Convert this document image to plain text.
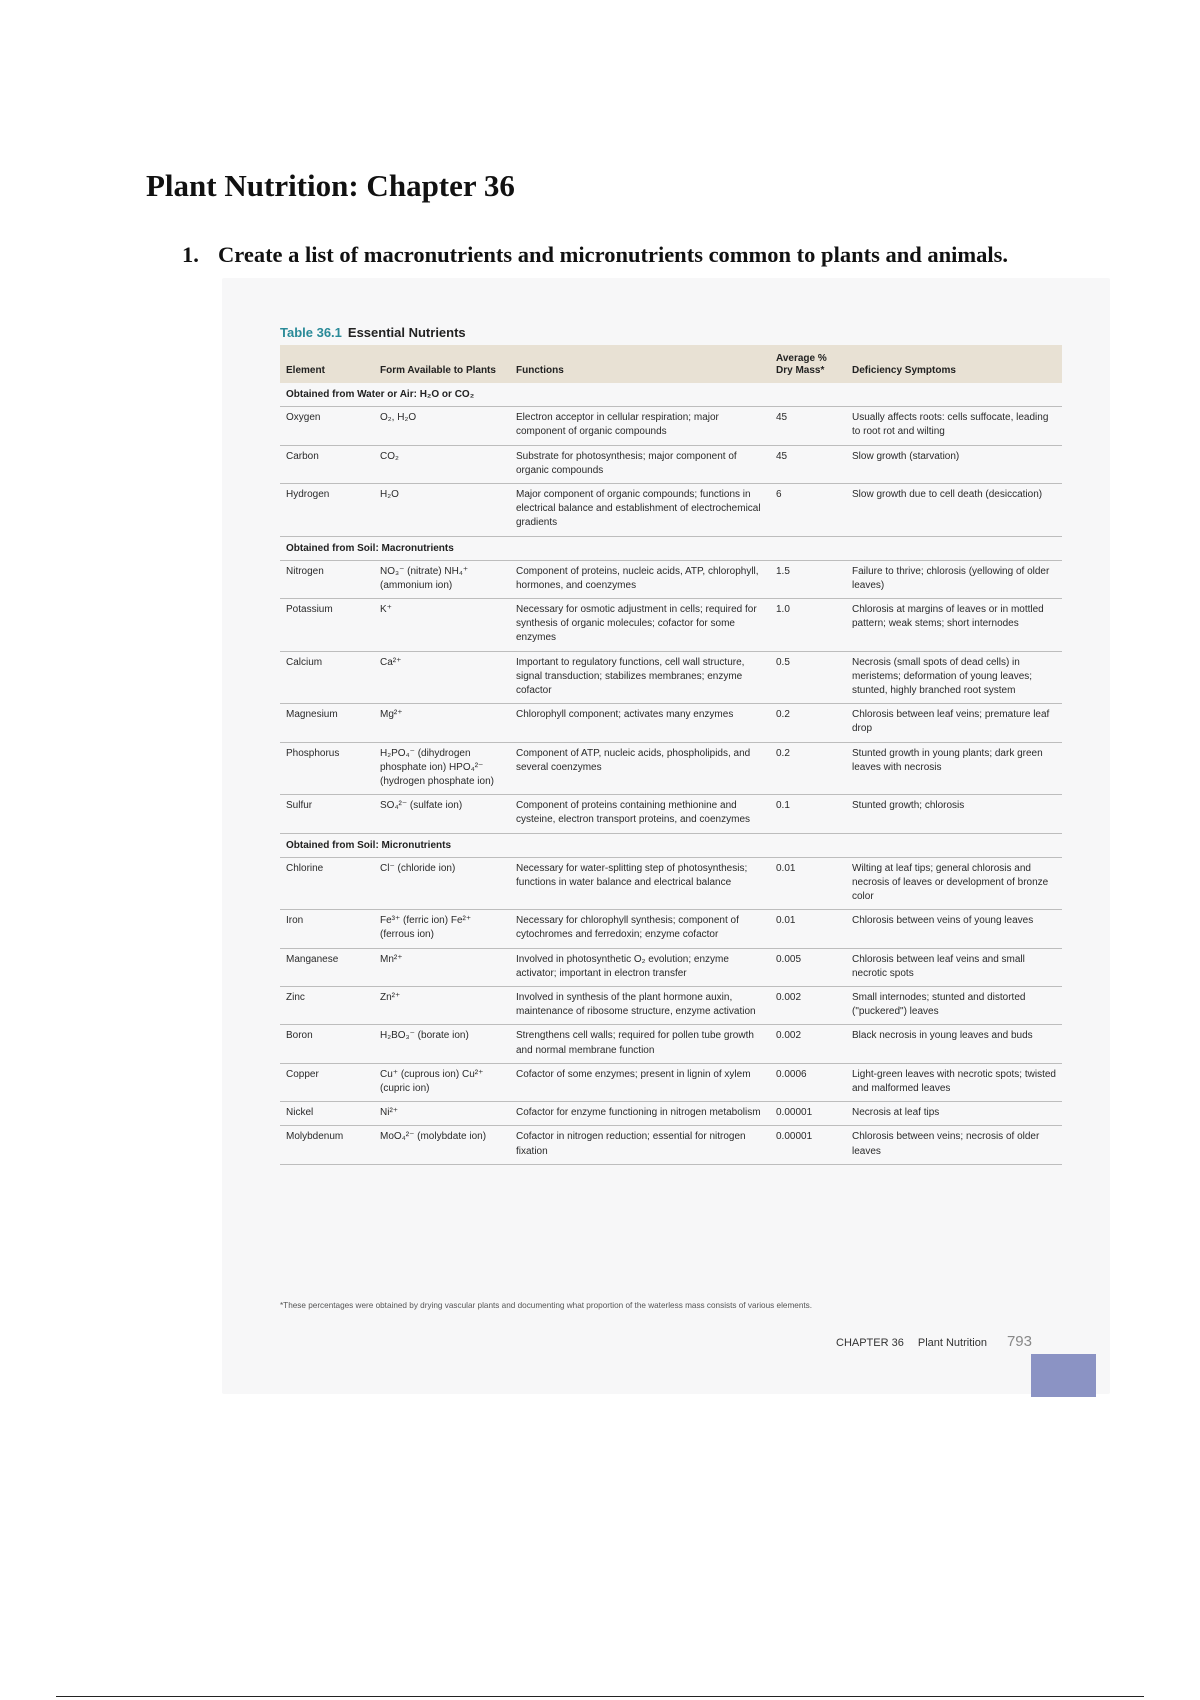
Plant Nutrition: Chapter 36

1. Create a list of macronutrients and micronutrients common to plants and animals.

Table 36.1 Essential Nutrients
Element	Form Available to Plants	Functions	Average % Dry Mass*	Deficiency Symptoms
Obtained from Water or Air: H₂O or CO₂				
Oxygen	O₂, H₂O	Electron acceptor in cellular respiration; major component of organic compounds	45	Usually affects roots: cells suffocate, leading to root rot and wilting
Carbon	CO₂	Substrate for photosynthesis; major component of organic compounds	45	Slow growth (starvation)
Hydrogen	H₂O	Major component of organic compounds; functions in electrical balance and establishment of electrochemical gradients	6	Slow growth due to cell death (desiccation)
Obtained from Soil: Macronutrients				
Nitrogen	NO₃⁻ (nitrate) NH₄⁺ (ammonium ion)	Component of proteins, nucleic acids, ATP, chlorophyll, hormones, and coenzymes	1.5	Failure to thrive; chlorosis (yellowing of older leaves)
Potassium	K⁺	Necessary for osmotic adjustment in cells; required for synthesis of organic molecules; cofactor for some enzymes	1.0	Chlorosis at margins of leaves or in mottled pattern; weak stems; short internodes
Calcium	Ca²⁺	Important to regulatory functions, cell wall structure, signal transduction; stabilizes membranes; enzyme cofactor	0.5	Necrosis (small spots of dead cells) in meristems; deformation of young leaves; stunted, highly branched root system
Magnesium	Mg²⁺	Chlorophyll component; activates many enzymes	0.2	Chlorosis between leaf veins; premature leaf drop
Phosphorus	H₂PO₄⁻ (dihydrogen phosphate ion) HPO₄²⁻ (hydrogen phosphate ion)	Component of ATP, nucleic acids, phospholipids, and several coenzymes	0.2	Stunted growth in young plants; dark green leaves with necrosis
Sulfur	SO₄²⁻ (sulfate ion)	Component of proteins containing methionine and cysteine, electron transport proteins, and coenzymes	0.1	Stunted growth; chlorosis
Obtained from Soil: Micronutrients				
Chlorine	Cl⁻ (chloride ion)	Necessary for water-splitting step of photosynthesis; functions in water balance and electrical balance	0.01	Wilting at leaf tips; general chlorosis and necrosis of leaves or development of bronze color
Iron	Fe³⁺ (ferric ion) Fe²⁺ (ferrous ion)	Necessary for chlorophyll synthesis; component of cytochromes and ferredoxin; enzyme cofactor	0.01	Chlorosis between veins of young leaves
Manganese	Mn²⁺	Involved in photosynthetic O₂ evolution; enzyme activator; important in electron transfer	0.005	Chlorosis between leaf veins and small necrotic spots
Zinc	Zn²⁺	Involved in synthesis of the plant hormone auxin, maintenance of ribosome structure, enzyme activation	0.002	Small internodes; stunted and distorted ("puckered") leaves
Boron	H₂BO₃⁻ (borate ion)	Strengthens cell walls; required for pollen tube growth and normal membrane function	0.002	Black necrosis in young leaves and buds
Copper	Cu⁺ (cuprous ion) Cu²⁺ (cupric ion)	Cofactor of some enzymes; present in lignin of xylem	0.0006	Light-green leaves with necrotic spots; twisted and malformed leaves
Nickel	Ni²⁺	Cofactor for enzyme functioning in nitrogen metabolism	0.00001	Necrosis at leaf tips
Molybdenum	MoO₄²⁻ (molybdate ion)	Cofactor in nitrogen reduction; essential for nitrogen fixation	0.00001	Chlorosis between veins; necrosis of older leaves
*These percentages were obtained by drying vascular plants and documenting what proportion of the waterless mass consists of various elements.
CHAPTER 36 Plant Nutrition 793
